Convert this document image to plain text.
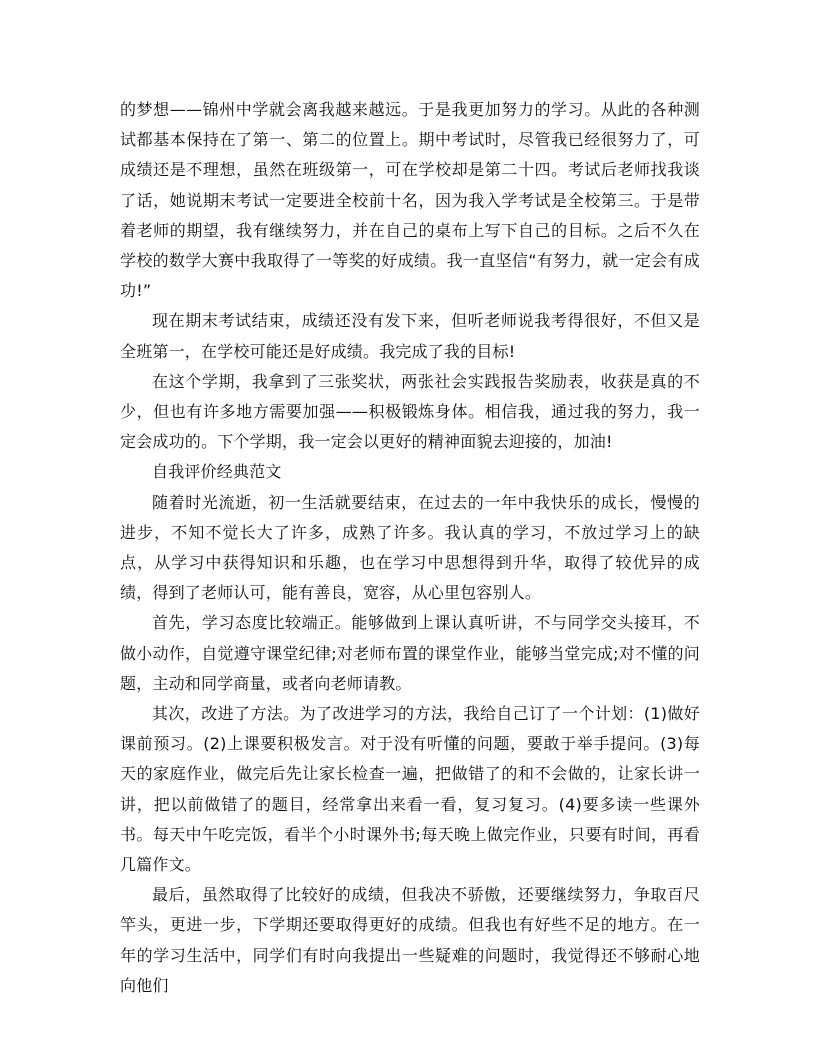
的梦想——锦州中学就会离我越来越远。于是我更加努力的学习。从此的各种测试都基本保持在了第一、第二的位置上。期中考试时，尽管我已经很努力了，可成绩还是不理想，虽然在班级第一，可在学校却是第二十四。考试后老师找我谈了话，她说期末考试一定要进全校前十名，因为我入学考试是全校第三。于是带着老师的期望，我有继续努力，并在自己的桌布上写下自己的目标。之后不久在学校的数学大赛中我取得了一等奖的好成绩。我一直坚信“有努力，就一定会有成功!”

现在期末考试结束，成绩还没有发下来，但听老师说我考得很好，不但又是全班第一，在学校可能还是好成绩。我完成了我的目标!

在这个学期，我拿到了三张奖状，两张社会实践报告奖励表，收获是真的不少，但也有许多地方需要加强——积极锻炼身体。相信我，通过我的努力，我一定会成功的。下个学期，我一定会以更好的精神面貌去迎接的，加油!

自我评价经典范文

随着时光流逝，初一生活就要结束，在过去的一年中我快乐的成长，慢慢的进步，不知不觉长大了许多，成熟了许多。我认真的学习，不放过学习上的缺点，从学习中获得知识和乐趣，也在学习中思想得到升华，取得了较优异的成绩，得到了老师认可，能有善良，宽容，从心里包容别人。

首先，学习态度比较端正。能够做到上课认真听讲，不与同学交头接耳，不做小动作，自觉遵守课堂纪律;对老师布置的课堂作业，能够当堂完成;对不懂的问题，主动和同学商量，或者向老师请教。

其次，改进了方法。为了改进学习的方法，我给自己订了一个计划：(1)做好课前预习。(2)上课要积极发言。对于没有听懂的问题，要敢于举手提问。(3)每天的家庭作业，做完后先让家长检查一遍，把做错了的和不会做的，让家长讲一讲，把以前做错了的题目，经常拿出来看一看，复习复习。(4)要多读一些课外书。每天中午吃完饭，看半个小时课外书;每天晚上做完作业，只要有时间，再看几篇作文。

最后，虽然取得了比较好的成绩，但我决不骄傲，还要继续努力，争取百尺竿头，更进一步，下学期还要取得更好的成绩。但我也有好些不足的地方。在一年的学习生活中，同学们有时向我提出一些疑难的问题时，我觉得还不够耐心地向他们
